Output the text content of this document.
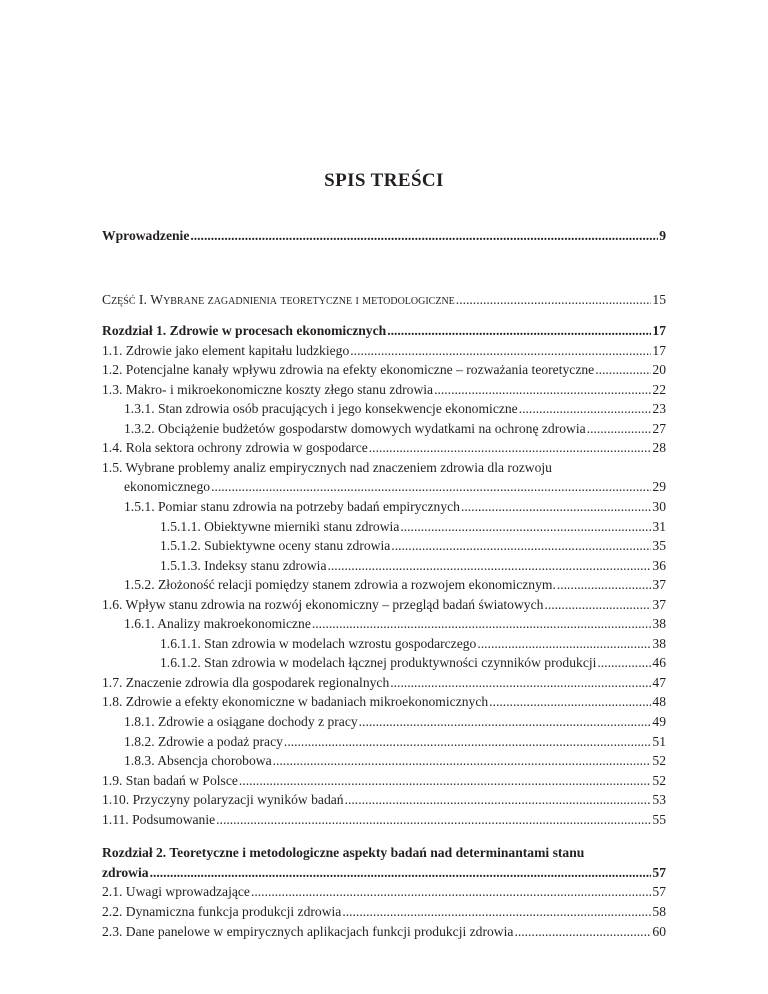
SPIS TREŚCI
Wprowadzenie .....	9
Część I. Wybrane zagadnienia teoretyczne i metodologiczne .....	15
Rozdział 1. Zdrowie w procesach ekonomicznych .....	17
1.1. Zdrowie jako element kapitału ludzkiego .....	17
1.2. Potencjalne kanały wpływu zdrowia na efekty ekonomiczne – rozważania teoretyczne .....	20
1.3. Makro- i mikroekonomiczne koszty złego stanu zdrowia .....	22
1.3.1. Stan zdrowia osób pracujących i jego konsekwencje ekonomiczne .....	23
1.3.2. Obciążenie budżetów gospodarstw domowych wydatkami na ochronę zdrowia .....	27
1.4. Rola sektora ochrony zdrowia w gospodarce .....	28
1.5. Wybrane problemy analiz empirycznych nad znaczeniem zdrowia dla rozwoju
ekonomicznego .....	29
1.5.1. Pomiar stanu zdrowia na potrzeby badań empirycznych .....	30
1.5.1.1. Obiektywne mierniki stanu zdrowia .....	31
1.5.1.2. Subiektywne oceny stanu zdrowia .....	35
1.5.1.3. Indeksy stanu zdrowia .....	36
1.5.2. Złożoność relacji pomiędzy stanem zdrowia a rozwojem ekonomicznym. .....	37
1.6. Wpływ stanu zdrowia na rozwój ekonomiczny – przegląd badań światowych .....	37
1.6.1. Analizy makroekonomiczne .....	38
1.6.1.1. Stan zdrowia w modelach wzrostu gospodarczego .....	38
1.6.1.2. Stan zdrowia w modelach łącznej produktywności czynników produkcji .....	46
1.7. Znaczenie zdrowia dla gospodarek regionalnych .....	47
1.8. Zdrowie a efekty ekonomiczne w badaniach mikroekonomicznych .....	48
1.8.1. Zdrowie a osiągane dochody z pracy .....	49
1.8.2. Zdrowie a podaż pracy .....	51
1.8.3. Absencja chorobowa .....	52
1.9. Stan badań w Polsce .....	52
1.10. Przyczyny polaryzacji wyników badań .....	53
1.11. Podsumowanie .....	55
Rozdział 2. Teoretyczne i metodologiczne aspekty badań nad determinantami stanu
zdrowia .....	57
2.1. Uwagi wprowadzające .....	57
2.2. Dynamiczna funkcja produkcji zdrowia .....	58
2.3. Dane panelowe w empirycznych aplikacjach funkcji produkcji zdrowia .....	60
